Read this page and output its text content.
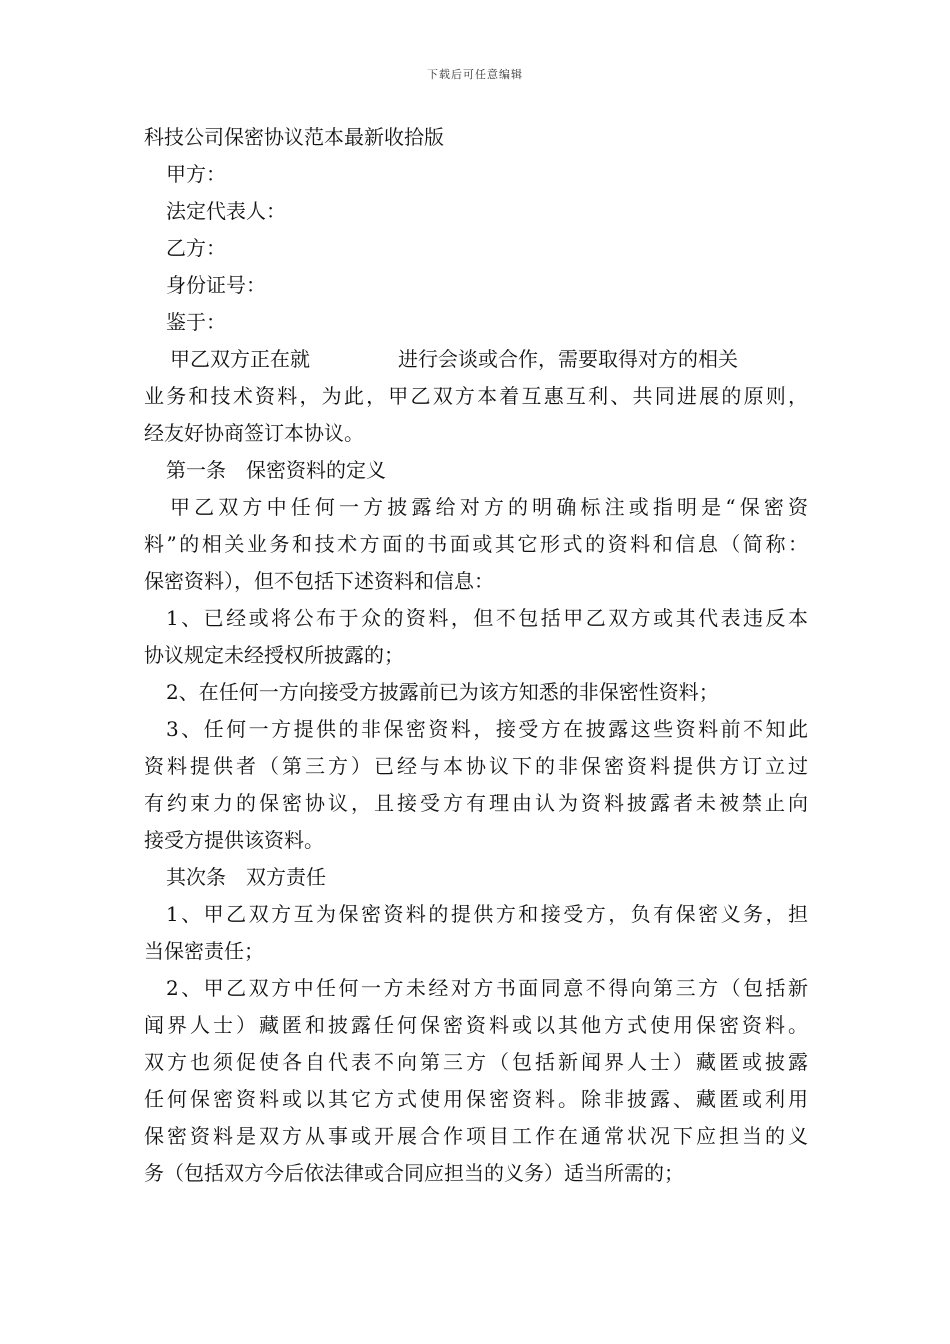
下载后可任意编辑
科技公司保密协议范本最新收拾版
甲方：
法定代表人：
乙方：
身份证号：
鉴于：
甲乙双方正在就	进行会谈或合作，需要取得对方的相关
业务和技术资料，为此，甲乙双方本着互惠互利、共同进展的原则，
经友好协商签订本协议。
第一条 保密资料的定义
甲乙双方中任何一方披露给对方的明确标注或指明是“保密资
料”的相关业务和技术方面的书面或其它形式的资料和信息（简称：
保密资料），但不包括下述资料和信息：
1、已经或将公布于众的资料，但不包括甲乙双方或其代表违反本
协议规定未经授权所披露的；
2、在任何一方向接受方披露前已为该方知悉的非保密性资料；
3、任何一方提供的非保密资料，接受方在披露这些资料前不知此
资料提供者（第三方）已经与本协议下的非保密资料提供方订立过
有约束力的保密协议，且接受方有理由认为资料披露者未被禁止向
接受方提供该资料。
其次条 双方责任
1、甲乙双方互为保密资料的提供方和接受方，负有保密义务，担
当保密责任；
2、甲乙双方中任何一方未经对方书面同意不得向第三方（包括新
闻界人士）藏匿和披露任何保密资料或以其他方式使用保密资料。
双方也须促使各自代表不向第三方（包括新闻界人士）藏匿或披露
任何保密资料或以其它方式使用保密资料。除非披露、藏匿或利用
保密资料是双方从事或开展合作项目工作在通常状况下应担当的义
务（包括双方今后依法律或合同应担当的义务）适当所需的；
